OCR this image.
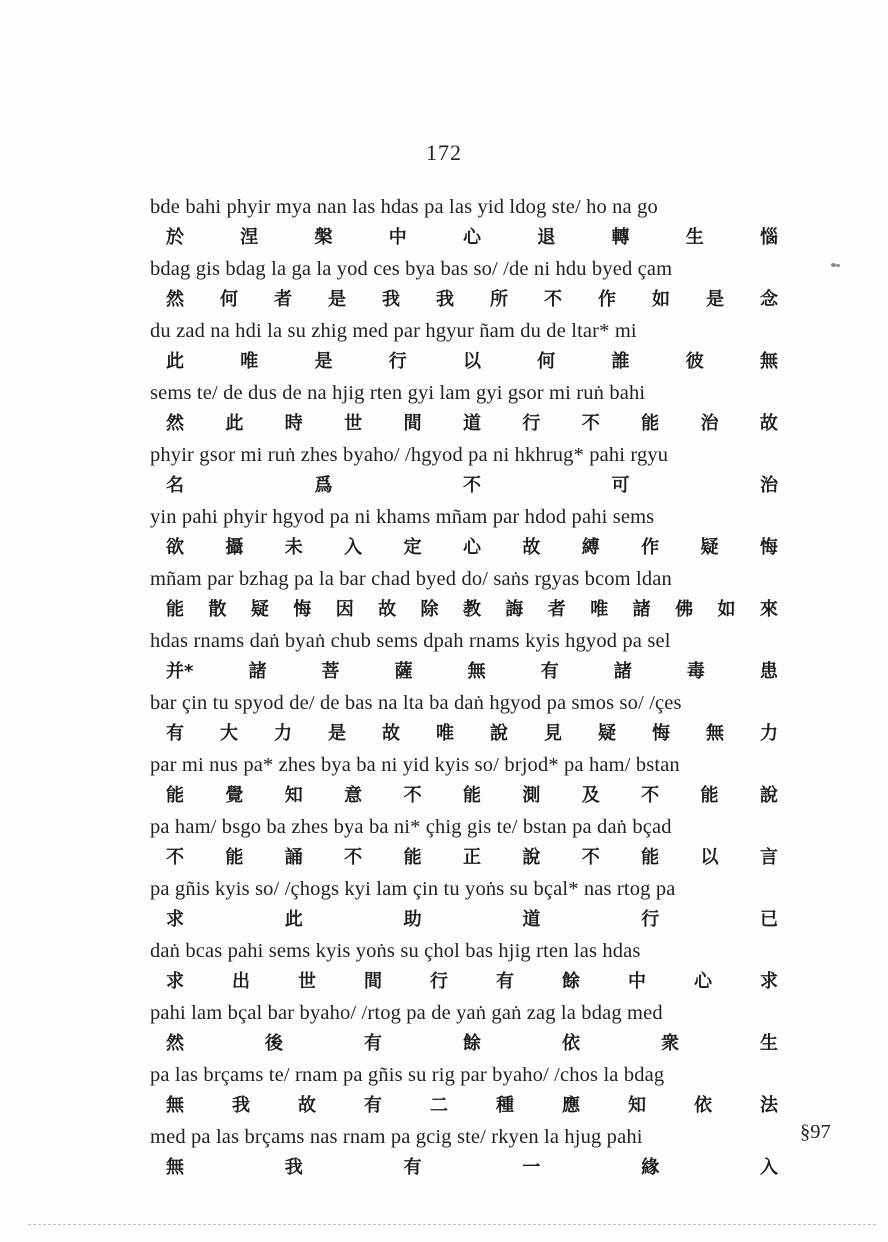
172
bde bahi phyir mya nan las hdas pa las yid ldog ste/ ho na go
於	涅	槃	中	心	退	轉	生	惱
bdag gis bdag la ga la yod ces bya bas so/ /de ni hdu byed çam
然 何 者 是 我 我 所 不 作 如 是 念
du zad na hdi la su zhig med par hgyur ñam du de ltar* mi
此	唯	是	行	以	何	誰	彼	無
sems te/ de dus de na hjig rten gyi lam gyi gsor mi ruṅ bahi
然 此 時 世 間 道 行 不 能 治 故
phyir gsor mi ruṅ zhes byaho/ /hgyod pa ni hkhrug* pahi rgyu
名	爲	不	可	治
yin pahi phyir hgyod pa ni khams mñam par hdod pahi sems
欲 攝 未 入 定 心 故 縛 作 疑 悔
mñam par bzhag pa la bar chad byed do/ saṅs rgyas bcom ldan
能 散 疑 悔 因 故 除 教 誨 者 唯 諸 佛 如 來
hdas rnams daṅ byaṅ chub sems dpah rnams kyis hgyod pa sel
并*	諸	菩	薩	無	有	諸	毒	患
bar çin tu spyod de/ de bas na lta ba daṅ hgyod pa smos so/ /çes
有 大 力 是 故 唯 說 見 疑 悔 無 力
par mi nus pa* zhes bya ba ni yid kyis so/ brjod* pa ham/ bstan
能 覺 知 意 不 能 測 及 不 能 說
pa ham/ bsgo ba zhes bya ba ni* çhig gis te/ bstan pa daṅ bçad
不 能 誦 不 能 正 說 不 能 以 言
pa gñis kyis so/ /çhogs kyi lam çin tu yoṅs su bçal* nas rtog pa
求	此	助	道	行	已
daṅ bcas pahi sems kyis yoṅs su çhol bas hjig rten las hdas
求	出	世	間	行	有	餘	中	心	求
pahi lam bçal bar byaho/ /rtog pa de yaṅ gaṅ zag la bdag med
然	後	有	餘	依	衆	生
pa las brçams te/ rnam pa gñis su rig par byaho/ /chos la bdag
無	我	故	有	二	種	應	知	依	法
med pa las brçams nas rnam pa gcig ste/ rkyen la hjug pahi
無	我	有	一	緣	入
§97
